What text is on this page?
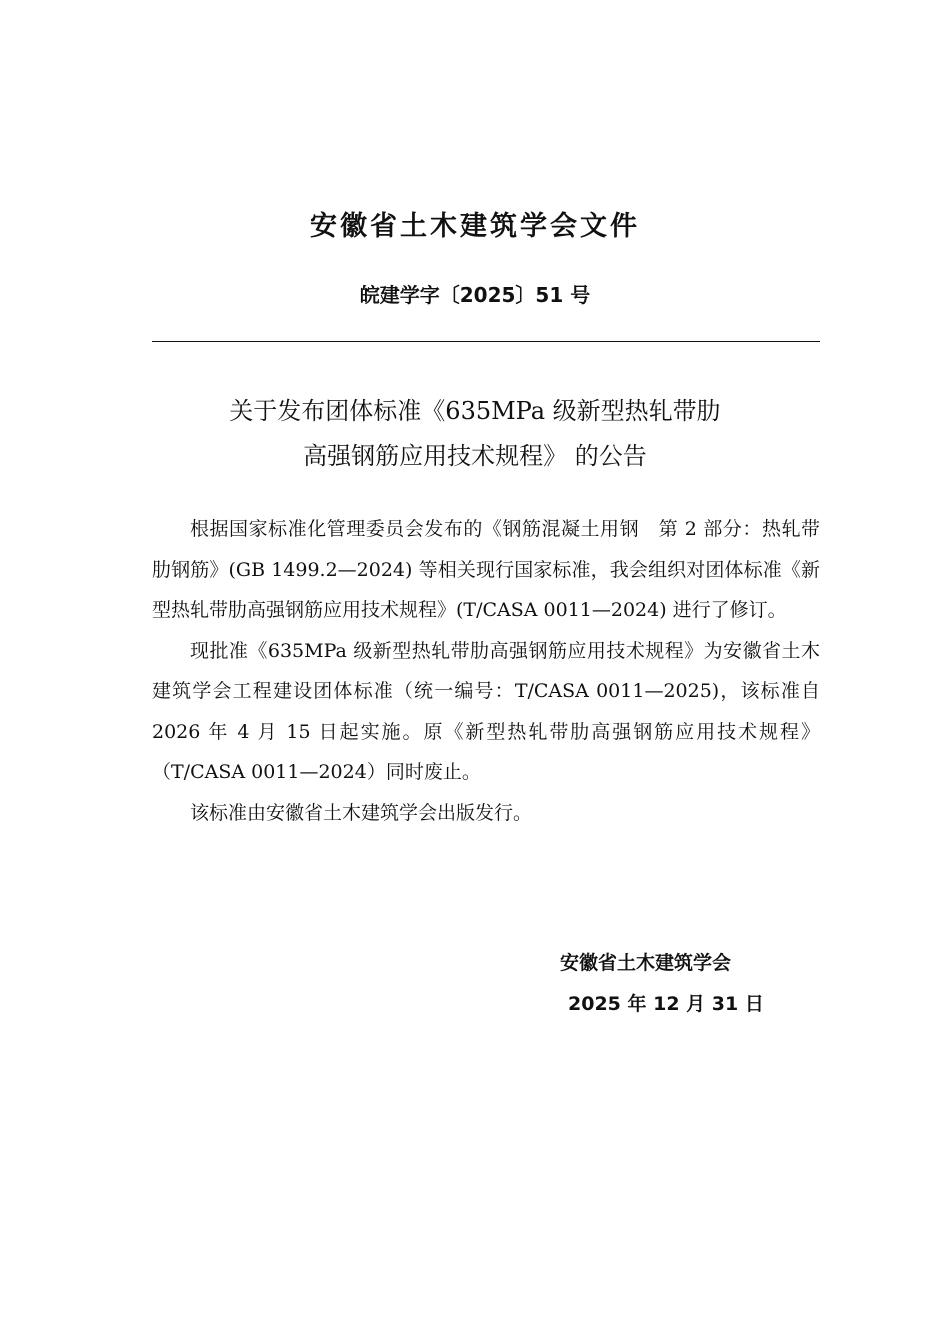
安徽省土木建筑学会文件
皖建学字〔2025〕51 号
关于发布团体标准《635MPa 级新型热轧带肋
高强钢筋应用技术规程》 的公告

根据国家标准化管理委员会发布的《钢筋混凝土用钢　第 2 部分：热轧带肋钢筋》(GB 1499.2—2024) 等相关现行国家标准，我会组织对团体标准《新型热轧带肋高强钢筋应用技术规程》(T/CASA 0011—2024) 进行了修订。

现批准《635MPa 级新型热轧带肋高强钢筋应用技术规程》为安徽省土木建筑学会工程建设团体标准（统一编号：T/CASA 0011—2025)，该标准自 2026 年 4 月 15 日起实施。原《新型热轧带肋高强钢筋应用技术规程》（T/CASA 0011—2024）同时废止。

该标准由安徽省土木建筑学会出版发行。

安徽省土木建筑学会
2025 年 12 月 31 日
